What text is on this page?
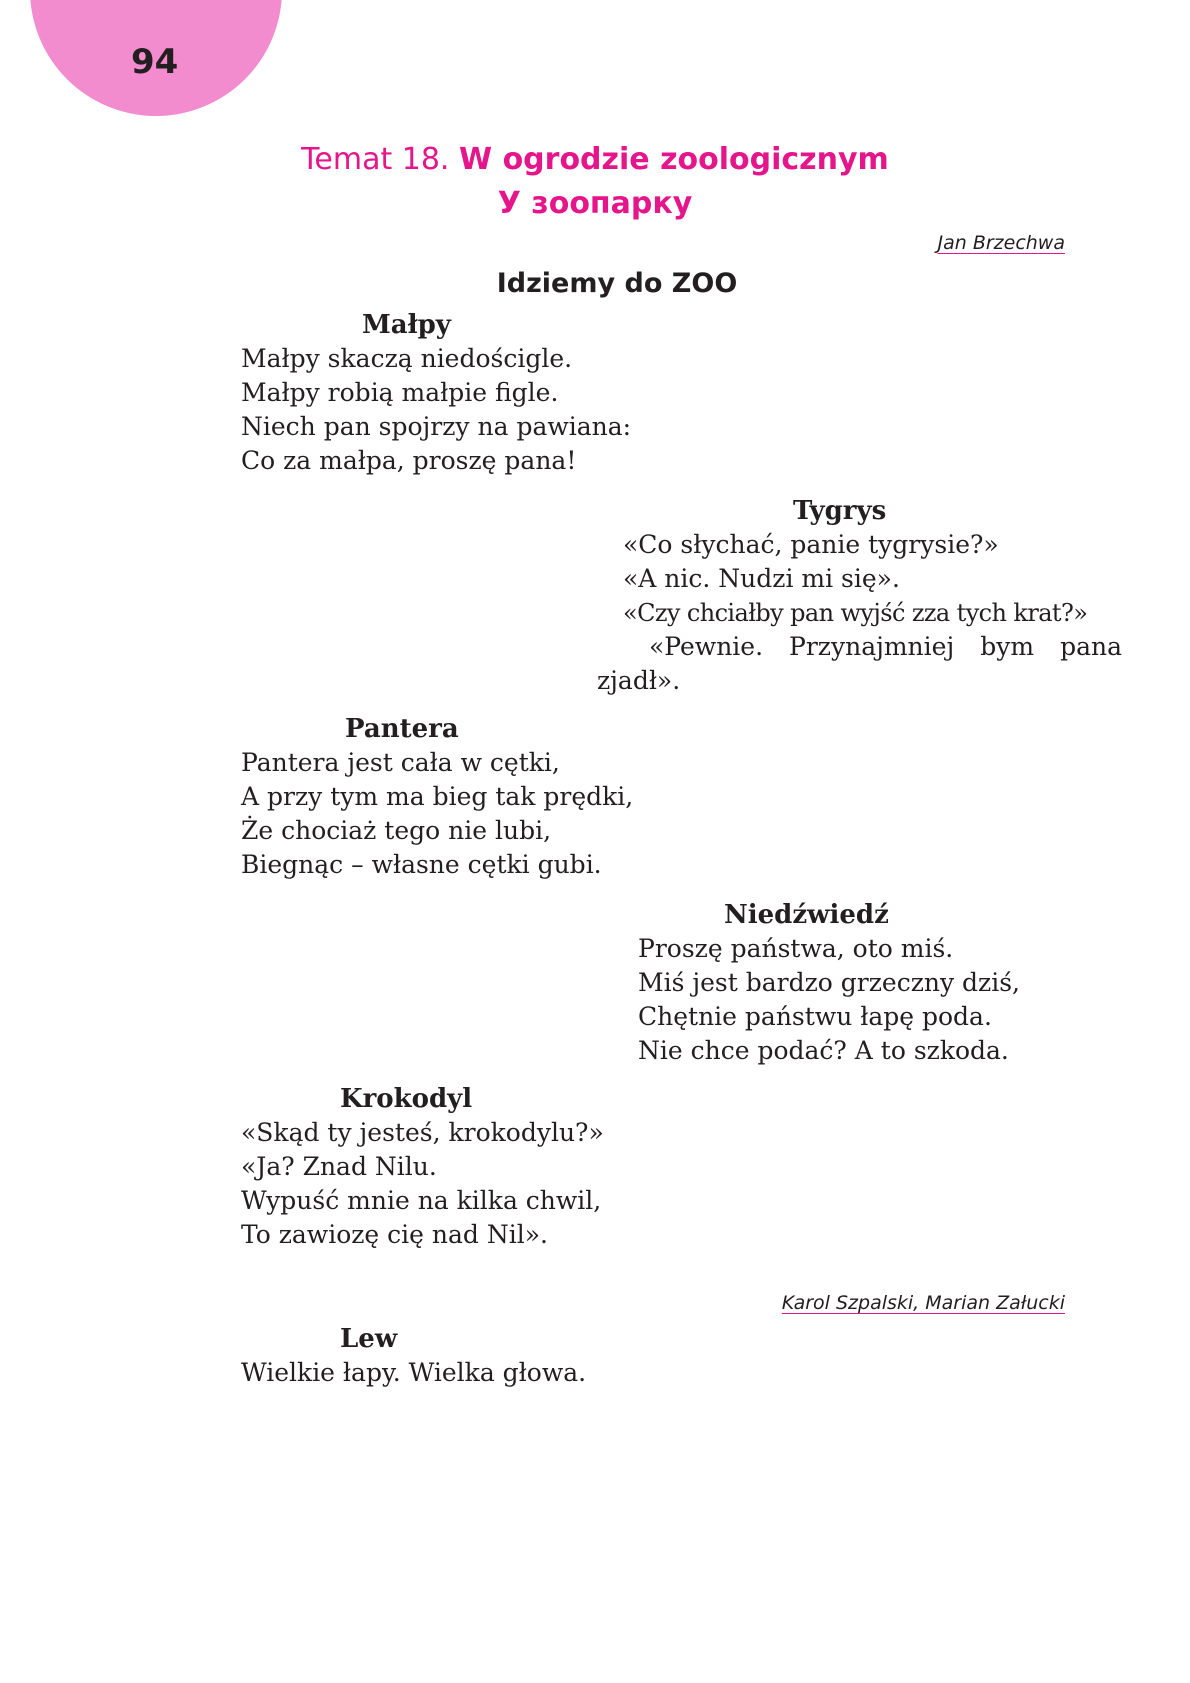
94
Temat 18. W ogrodzie zoologicznym
У зоопарку
Jan Brzechwa
Idziemy do ZOO
Małpy
Małpy skaczą niedościgle.
Małpy robią małpie figle.
Niech pan spojrzy na pawiana:
Co za małpa, proszę pana!
Tygrys
«Co słychać, panie tygrysie?»
«A nic. Nudzi mi się».
«Czy chciałby pan wyjść zza tych krat?»
«Pewnie.	Przynajmniej	bym	pana
zjadł».
Pantera
Pantera jest cała w cętki,
A przy tym ma bieg tak prędki,
Że chociaż tego nie lubi,
Biegnąc – własne cętki gubi.
Niedźwiedź
Proszę państwa, oto miś.
Miś jest bardzo grzeczny dziś,
Chętnie państwu łapę poda.
Nie chce podać? A to szkoda.
Krokodyl
«Skąd ty jesteś, krokodylu?»
«Ja? Znad Nilu.
Wypuść mnie na kilka chwil,
To zawiozę cię nad Nil».
Karol Szpalski, Marian Załucki
Lew
Wielkie łapy. Wielka głowa.
